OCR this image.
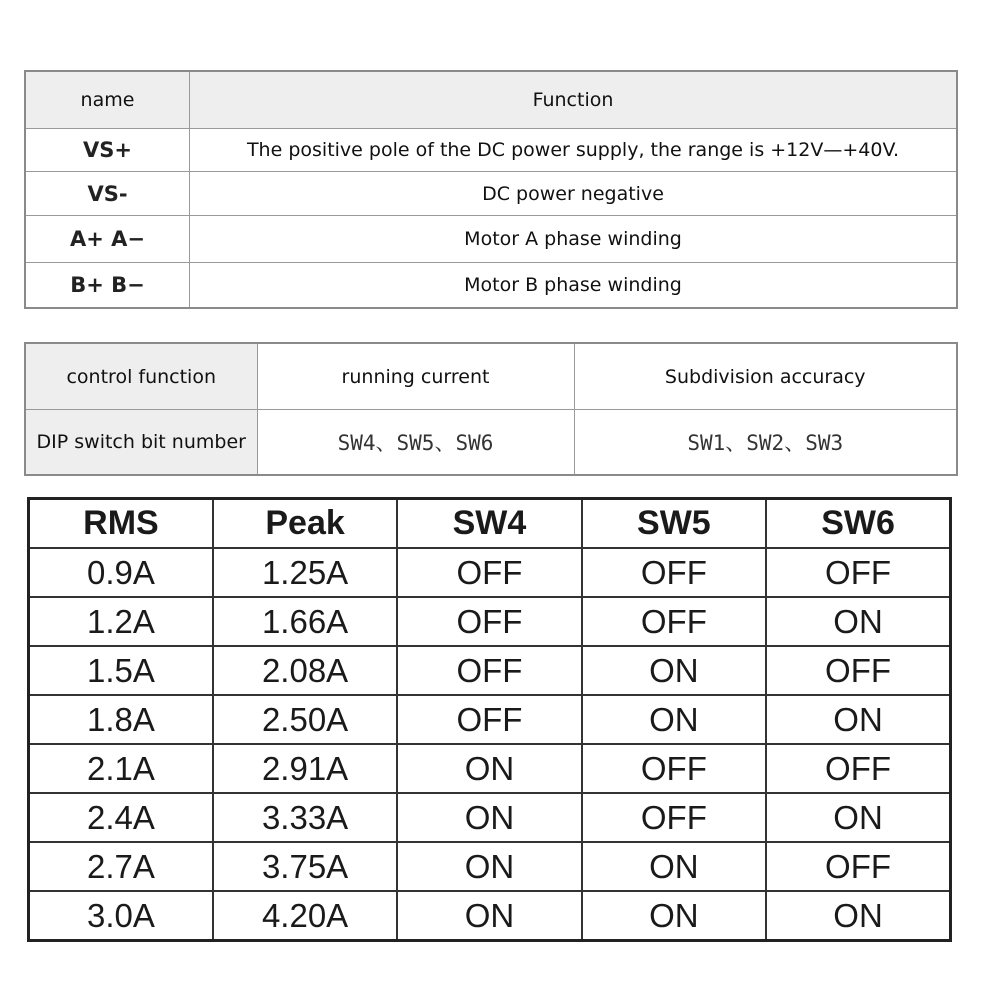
name	Function
VS+	The positive pole of the DC power supply, the range is +12V—+40V.
VS-	DC power negative
A+ A−	Motor A phase winding
B+ B−	Motor B phase winding
control function	running current	Subdivision accuracy
DIP switch bit number	SW4、SW5、SW6	SW1、SW2、SW3
RMS	Peak	SW4	SW5	SW6
0.9A	1.25A	OFF	OFF	OFF
1.2A	1.66A	OFF	OFF	ON
1.5A	2.08A	OFF	ON	OFF
1.8A	2.50A	OFF	ON	ON
2.1A	2.91A	ON	OFF	OFF
2.4A	3.33A	ON	OFF	ON
2.7A	3.75A	ON	ON	OFF
3.0A	4.20A	ON	ON	ON
